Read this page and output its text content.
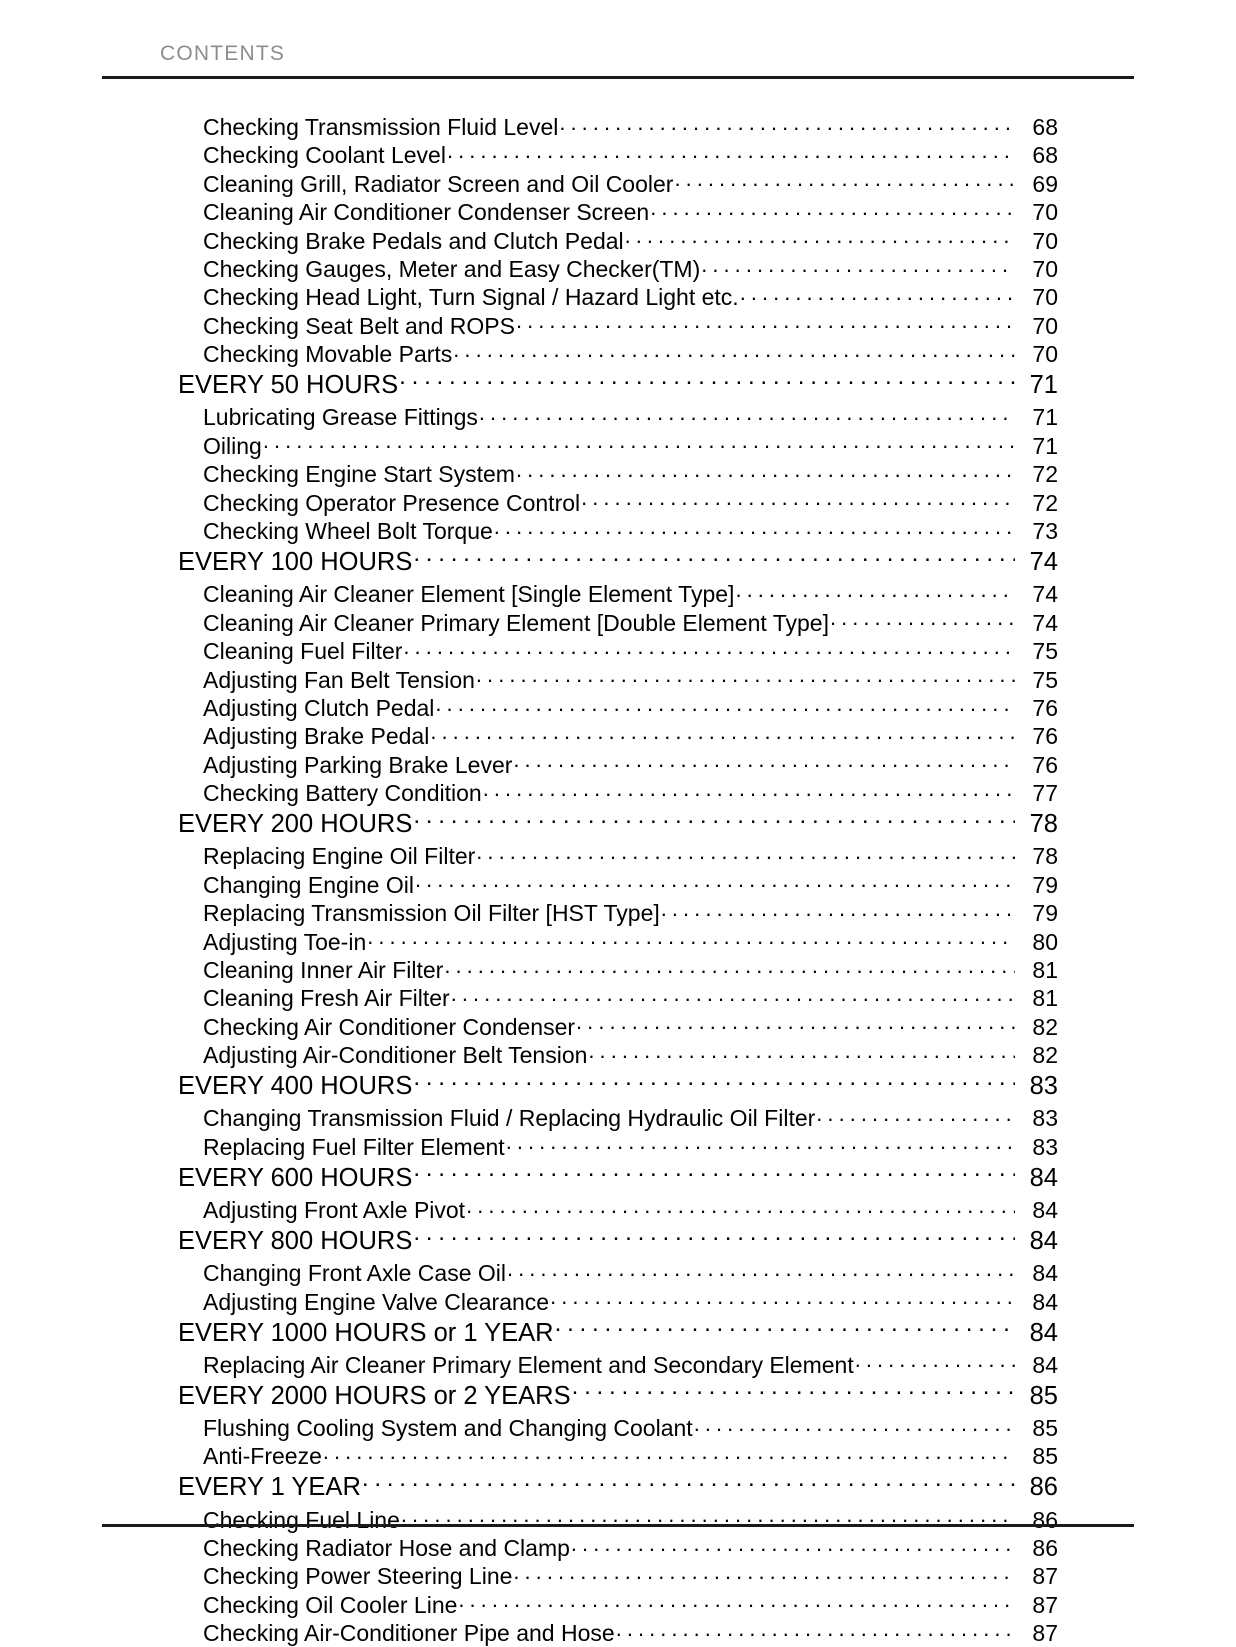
CONTENTS
Checking Transmission Fluid Level . . .	68
Checking Coolant Level . . .	68
Cleaning Grill, Radiator Screen and Oil Cooler . . .	69
Cleaning Air Conditioner Condenser Screen . . .	70
Checking Brake Pedals and Clutch Pedal . . .	70
Checking Gauges, Meter and Easy Checker(TM) . . .	70
Checking Head Light, Turn Signal / Hazard Light etc. . . .	70
Checking Seat Belt and ROPS . . .	70
Checking Movable Parts . . .	70
EVERY 50 HOURS . . .	71
Lubricating Grease Fittings . . .	71
Oiling . . .	71
Checking Engine Start System . . .	72
Checking Operator Presence Control . . .	72
Checking Wheel Bolt Torque . . .	73
EVERY 100 HOURS . . .	74
Cleaning Air Cleaner Element [Single Element Type] . . .	74
Cleaning Air Cleaner Primary Element [Double Element Type] . . .	74
Cleaning Fuel Filter . . .	75
Adjusting Fan Belt Tension . . .	75
Adjusting Clutch Pedal . . .	76
Adjusting Brake Pedal . . .	76
Adjusting Parking Brake Lever . . .	76
Checking Battery Condition . . .	77
EVERY 200 HOURS . . .	78
Replacing Engine Oil Filter . . .	78
Changing Engine Oil . . .	79
Replacing Transmission Oil Filter [HST Type] . . .	79
Adjusting Toe-in . . .	80
Cleaning Inner Air Filter . . .	81
Cleaning Fresh Air Filter . . .	81
Checking Air Conditioner Condenser . . .	82
Adjusting Air-Conditioner Belt Tension . . .	82
EVERY 400 HOURS . . .	83
Changing Transmission Fluid / Replacing Hydraulic Oil Filter . . .	83
Replacing Fuel Filter Element . . .	83
EVERY 600 HOURS . . .	84
Adjusting Front Axle Pivot . . .	84
EVERY 800 HOURS . . .	84
Changing Front Axle Case Oil . . .	84
Adjusting Engine Valve Clearance . . .	84
EVERY 1000 HOURS or 1 YEAR . . .	84
Replacing Air Cleaner Primary Element and Secondary Element . . .	84
EVERY 2000 HOURS or 2 YEARS . . .	85
Flushing Cooling System and Changing Coolant . . .	85
Anti-Freeze . . .	85
EVERY 1 YEAR . . .	86
Checking Fuel Line . . .	86
Checking Radiator Hose and Clamp . . .	86
Checking Power Steering Line . . .	87
Checking Oil Cooler Line . . .	87
Checking Air-Conditioner Pipe and Hose . . .	87
